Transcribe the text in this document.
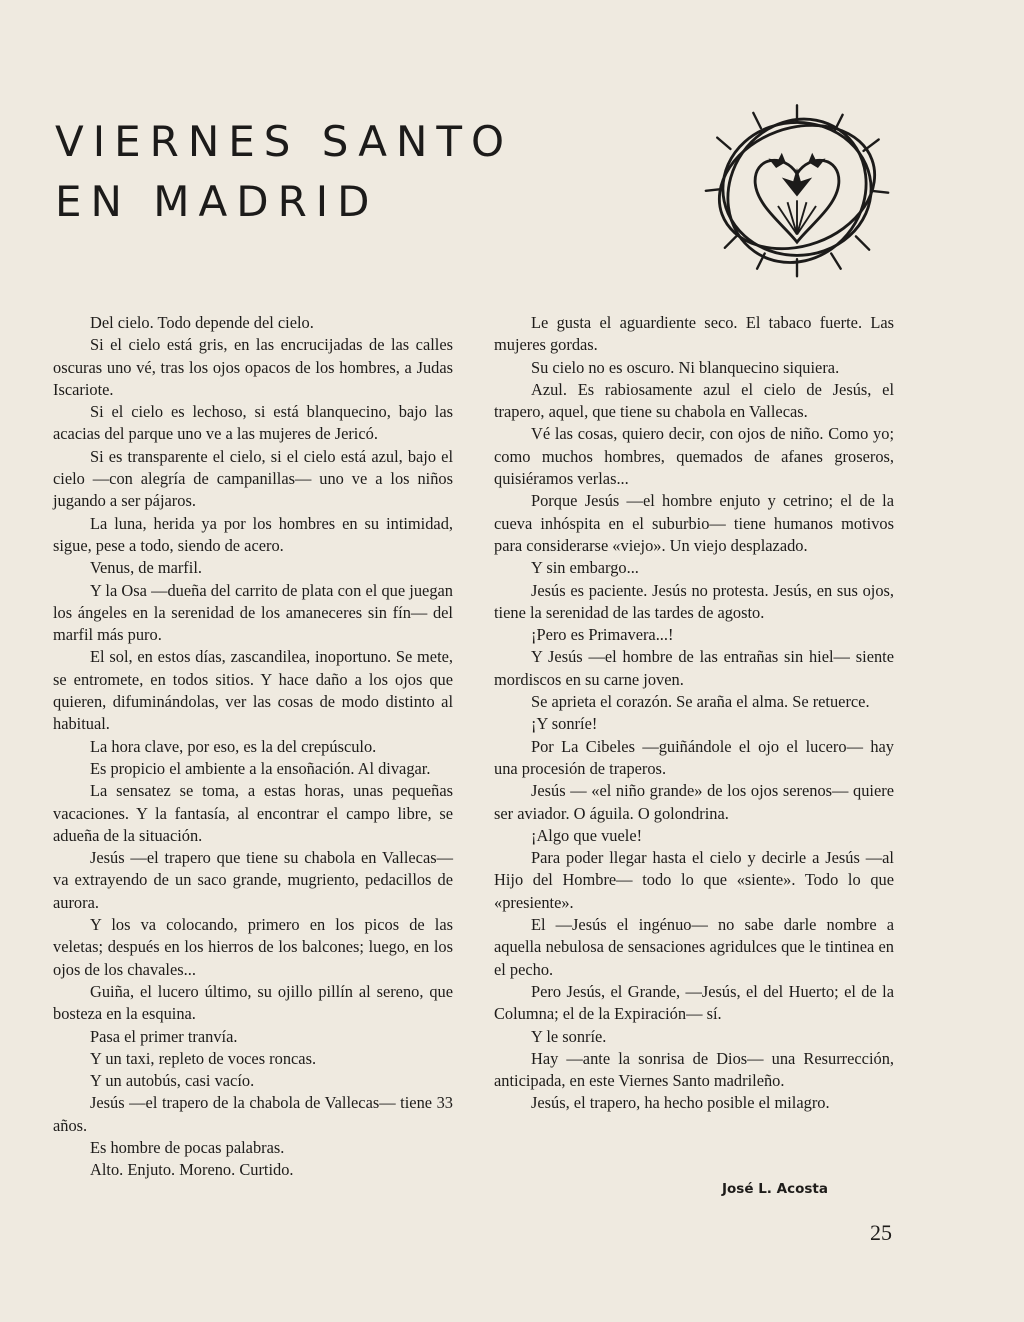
VIERNES SANTO
EN MADRID

Del cielo. Todo depende del cielo.

Si el cielo está gris, en las encrucijadas de las calles oscuras uno vé, tras los ojos opacos de los hombres, a Judas Iscariote.

Si el cielo es lechoso, si está blanquecino, bajo las acacias del parque uno ve a las mujeres de Jericó.

Si es transparente el cielo, si el cielo está azul, bajo el cielo —con alegría de campanillas— uno ve a los niños jugando a ser pájaros.

La luna, herida ya por los hombres en su intimidad, sigue, pese a todo, siendo de acero.

Venus, de marfil.

Y la Osa —dueña del carrito de plata con el que juegan los ángeles en la serenidad de los amaneceres sin fín— del marfil más puro.

El sol, en estos días, zascandilea, inoportuno. Se mete, se entromete, en todos sitios. Y hace daño a los ojos que quieren, difuminándolas, ver las cosas de modo distinto al habitual.

La hora clave, por eso, es la del crepúsculo.

Es propicio el ambiente a la ensoñación. Al divagar.

La sensatez se toma, a estas horas, unas pequeñas vacaciones. Y la fantasía, al encontrar el campo libre, se adueña de la situación.

Jesús —el trapero que tiene su chabola en Vallecas— va extrayendo de un saco grande, mugriento, pedacillos de aurora.

Y los va colocando, primero en los picos de las veletas; después en los hierros de los balcones; luego, en los ojos de los chavales...

Guiña, el lucero último, su ojillo pillín al sereno, que bosteza en la esquina.

Pasa el primer tranvía.

Y un taxi, repleto de voces roncas.

Y un autobús, casi vacío.

Jesús —el trapero de la chabola de Vallecas— tiene 33 años.

Es hombre de pocas palabras.

Alto. Enjuto. Moreno. Curtido.

Le gusta el aguardiente seco. El tabaco fuerte. Las mujeres gordas.

Su cielo no es oscuro. Ni blanquecino siquiera.

Azul. Es rabiosamente azul el cielo de Jesús, el trapero, aquel, que tiene su chabola en Vallecas.

Vé las cosas, quiero decir, con ojos de niño. Como yo; como muchos hombres, quemados de afanes groseros, quisiéramos verlas...

Porque Jesús —el hombre enjuto y cetrino; el de la cueva inhóspita en el suburbio— tiene humanos motivos para considerarse «viejo». Un viejo desplazado.

Y sin embargo...

Jesús es paciente. Jesús no protesta. Jesús, en sus ojos, tiene la serenidad de las tardes de agosto.

¡Pero es Primavera...!

Y Jesús —el hombre de las entrañas sin hiel— siente mordiscos en su carne joven.

Se aprieta el corazón. Se araña el alma. Se retuerce.

¡Y sonríe!

Por La Cibeles —guiñándole el ojo el lucero— hay una procesión de traperos.

Jesús — «el niño grande» de los ojos serenos— quiere ser aviador. O águila. O golondrina.

¡Algo que vuele!

Para poder llegar hasta el cielo y decirle a Jesús —al Hijo del Hombre— todo lo que «siente». Todo lo que «presiente».

El —Jesús el ingénuo— no sabe darle nombre a aquella nebulosa de sensaciones agridulces que le tintinea en el pecho.

Pero Jesús, el Grande, —Jesús, el del Huerto; el de la Columna; el de la Expiración— sí.

Y le sonríe.

Hay —ante la sonrisa de Dios— una Resurrección, anticipada, en este Viernes Santo madrileño.

Jesús, el trapero, ha hecho posible el milagro.

José L. Acosta
25
